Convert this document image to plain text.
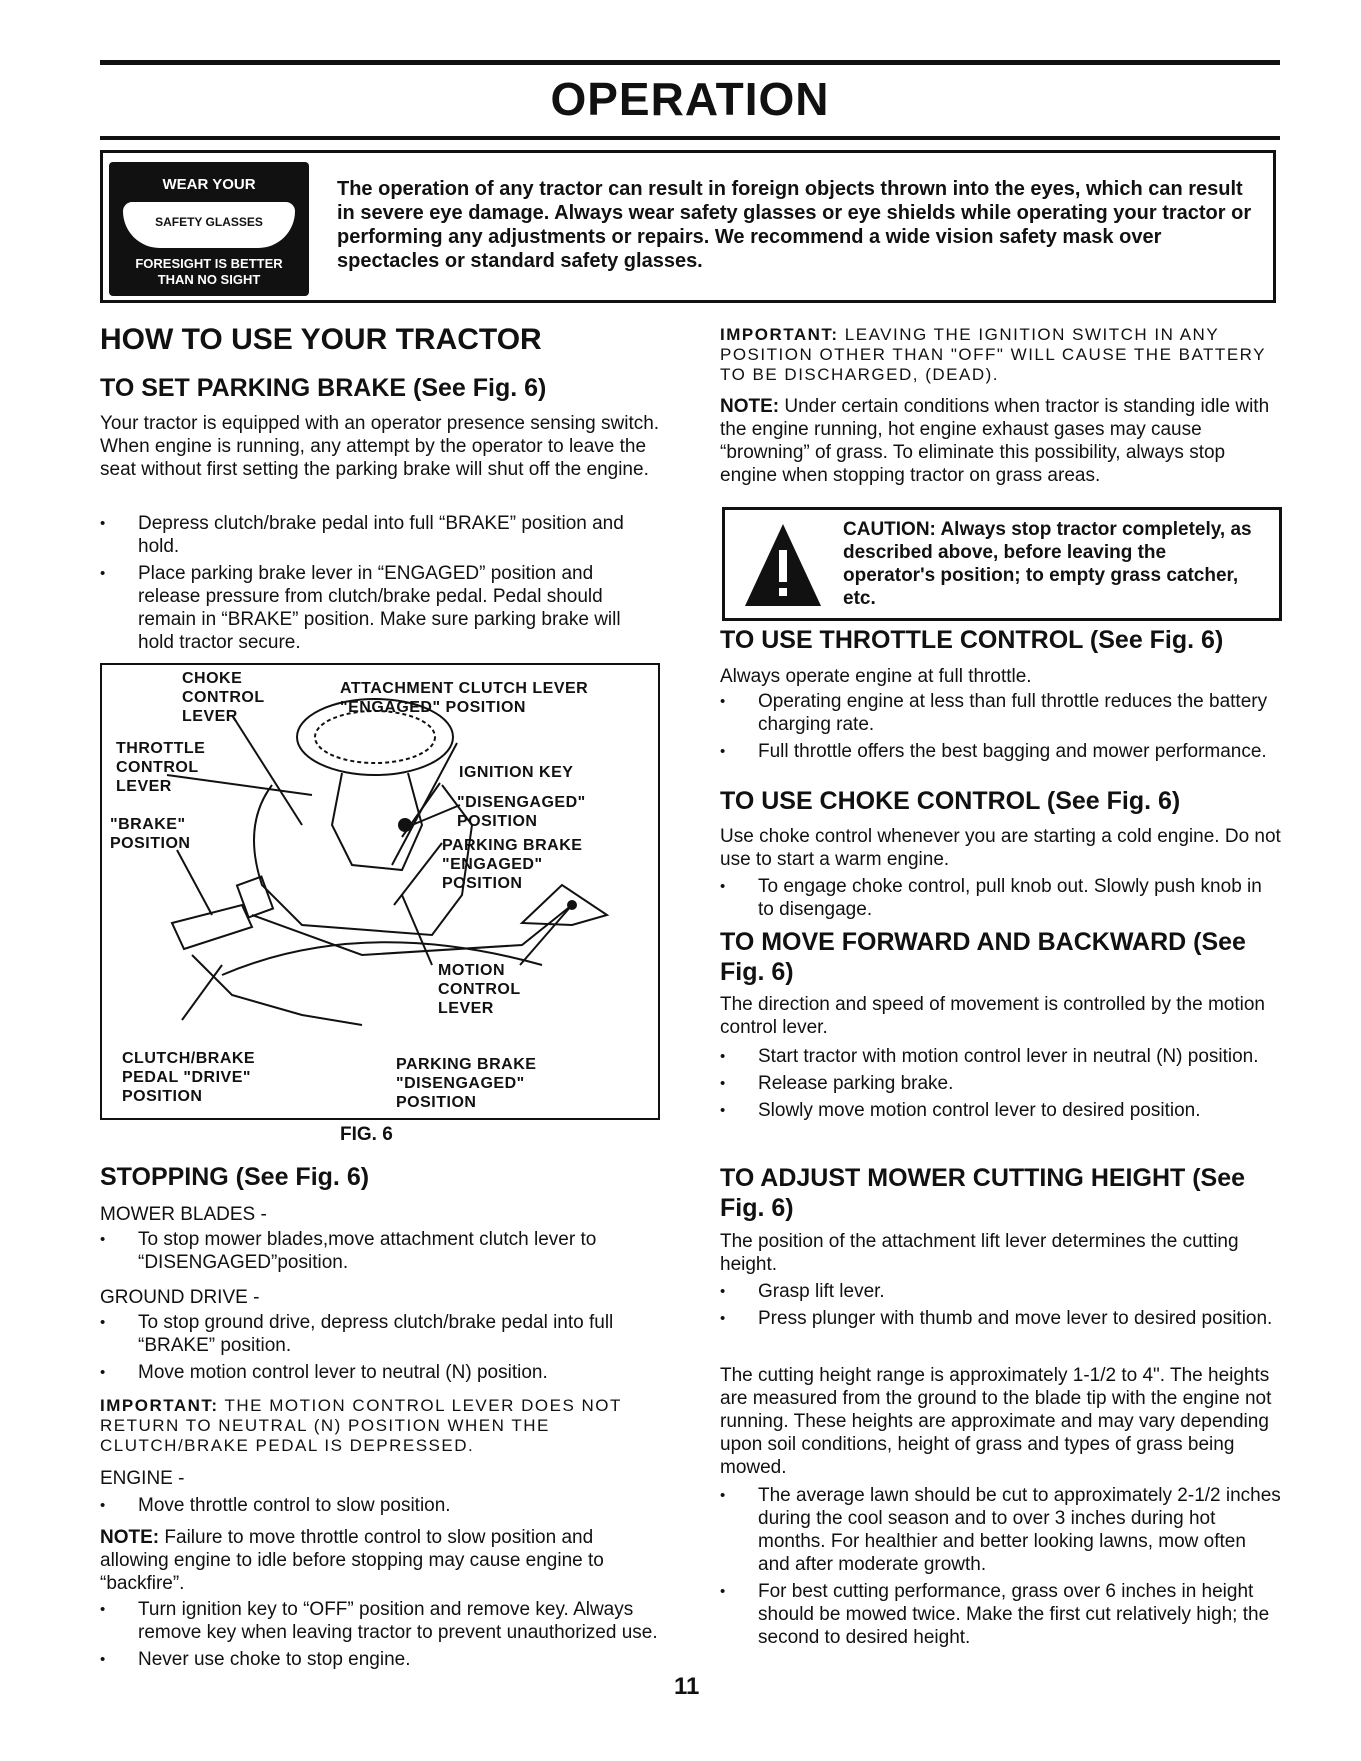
OPERATION
WEAR YOUR
SAFETY GLASSES
FORESIGHT IS BETTER
THAN NO SIGHT
The operation of any tractor can result in foreign objects thrown into the eyes, which can result in severe eye damage. Always wear safety glasses or eye shields while operating your tractor or performing any adjustments or repairs. We recommend a wide vision safety mask over spectacles or standard safety glasses.
HOW TO USE YOUR TRACTOR
TO SET PARKING BRAKE (See Fig. 6)

Your tractor is equipped with an operator presence sensing switch. When engine is running, any attempt by the operator to leave the seat without first setting the parking brake will shut off the engine.

• Depress clutch/brake pedal into full “BRAKE” position and hold.
• Place parking brake lever in “ENGAGED” position and release pressure from clutch/brake pedal. Pedal should remain in “BRAKE” position. Make sure parking brake will hold tractor secure.
CHOKE
CONTROL
LEVER
ATTACHMENT CLUTCH LEVER
"ENGAGED" POSITION
THROTTLE
CONTROL
LEVER
IGNITION KEY
"DISENGAGED"
POSITION
"BRAKE"
POSITION	PARKING BRAKE
"ENGAGED"
POSITION
MOTION
CONTROL
LEVER
CLUTCH/BRAKE
PEDAL "DRIVE"
POSITION
PARKING BRAKE
"DISENGAGED"
POSITION
FIG. 6
STOPPING (See Fig. 6)

MOWER BLADES -

• To stop mower blades,move attachment clutch lever to “DISENGAGED”position.

GROUND DRIVE -

• To stop ground drive, depress clutch/brake pedal into full “BRAKE” position.
• Move motion control lever to neutral (N) position.

IMPORTANT: THE MOTION CONTROL LEVER DOES NOT RETURN TO NEUTRAL (N) POSITION WHEN THE CLUTCH/BRAKE PEDAL IS DEPRESSED.

ENGINE -

• Move throttle control to slow position.

NOTE: Failure to move throttle control to slow position and allowing engine to idle before stopping may cause engine to “backfire”.

• Turn ignition key to “OFF” position and remove key. Always remove key when leaving tractor to prevent unauthorized use.
• Never use choke to stop engine.

IMPORTANT: LEAVING THE IGNITION SWITCH IN ANY POSITION OTHER THAN "OFF" WILL CAUSE THE BATTERY TO BE DISCHARGED, (DEAD).

NOTE: Under certain conditions when tractor is standing idle with the engine running, hot engine exhaust gases may cause “browning” of grass. To eliminate this possibility, always stop engine when stopping tractor on grass areas.

CAUTION: Always stop tractor completely, as described above, before leaving the operator's position; to empty grass catcher, etc.
TO USE THROTTLE CONTROL (See Fig. 6)

Always operate engine at full throttle.

• Operating engine at less than full throttle reduces the battery charging rate.
• Full throttle offers the best bagging and mower performance.
TO USE CHOKE CONTROL (See Fig. 6)

Use choke control whenever you are starting a cold engine. Do not use to start a warm engine.

• To engage choke control, pull knob out. Slowly push knob in to disengage.
TO MOVE FORWARD AND BACKWARD (See Fig. 6)

The direction and speed of movement is controlled by the motion control lever.

• Start tractor with motion control lever in neutral (N) position.
• Release parking brake.
• Slowly move motion control lever to desired position.
TO ADJUST MOWER CUTTING HEIGHT (See Fig. 6)

The position of the attachment lift lever determines the cutting height.

• Grasp lift lever.
• Press plunger with thumb and move lever to desired position.

The cutting height range is approximately 1-1/2 to 4". The heights are measured from the ground to the blade tip with the engine not running. These heights are approximate and may vary depending upon soil conditions, height of grass and types of grass being mowed.

• The average lawn should be cut to approximately 2-1/2 inches during the cool season and to over 3 inches during hot months. For healthier and better looking lawns, mow often and after moderate growth.
• For best cutting performance, grass over 6 inches in height should be mowed twice. Make the first cut relatively high; the second to desired height.
11
